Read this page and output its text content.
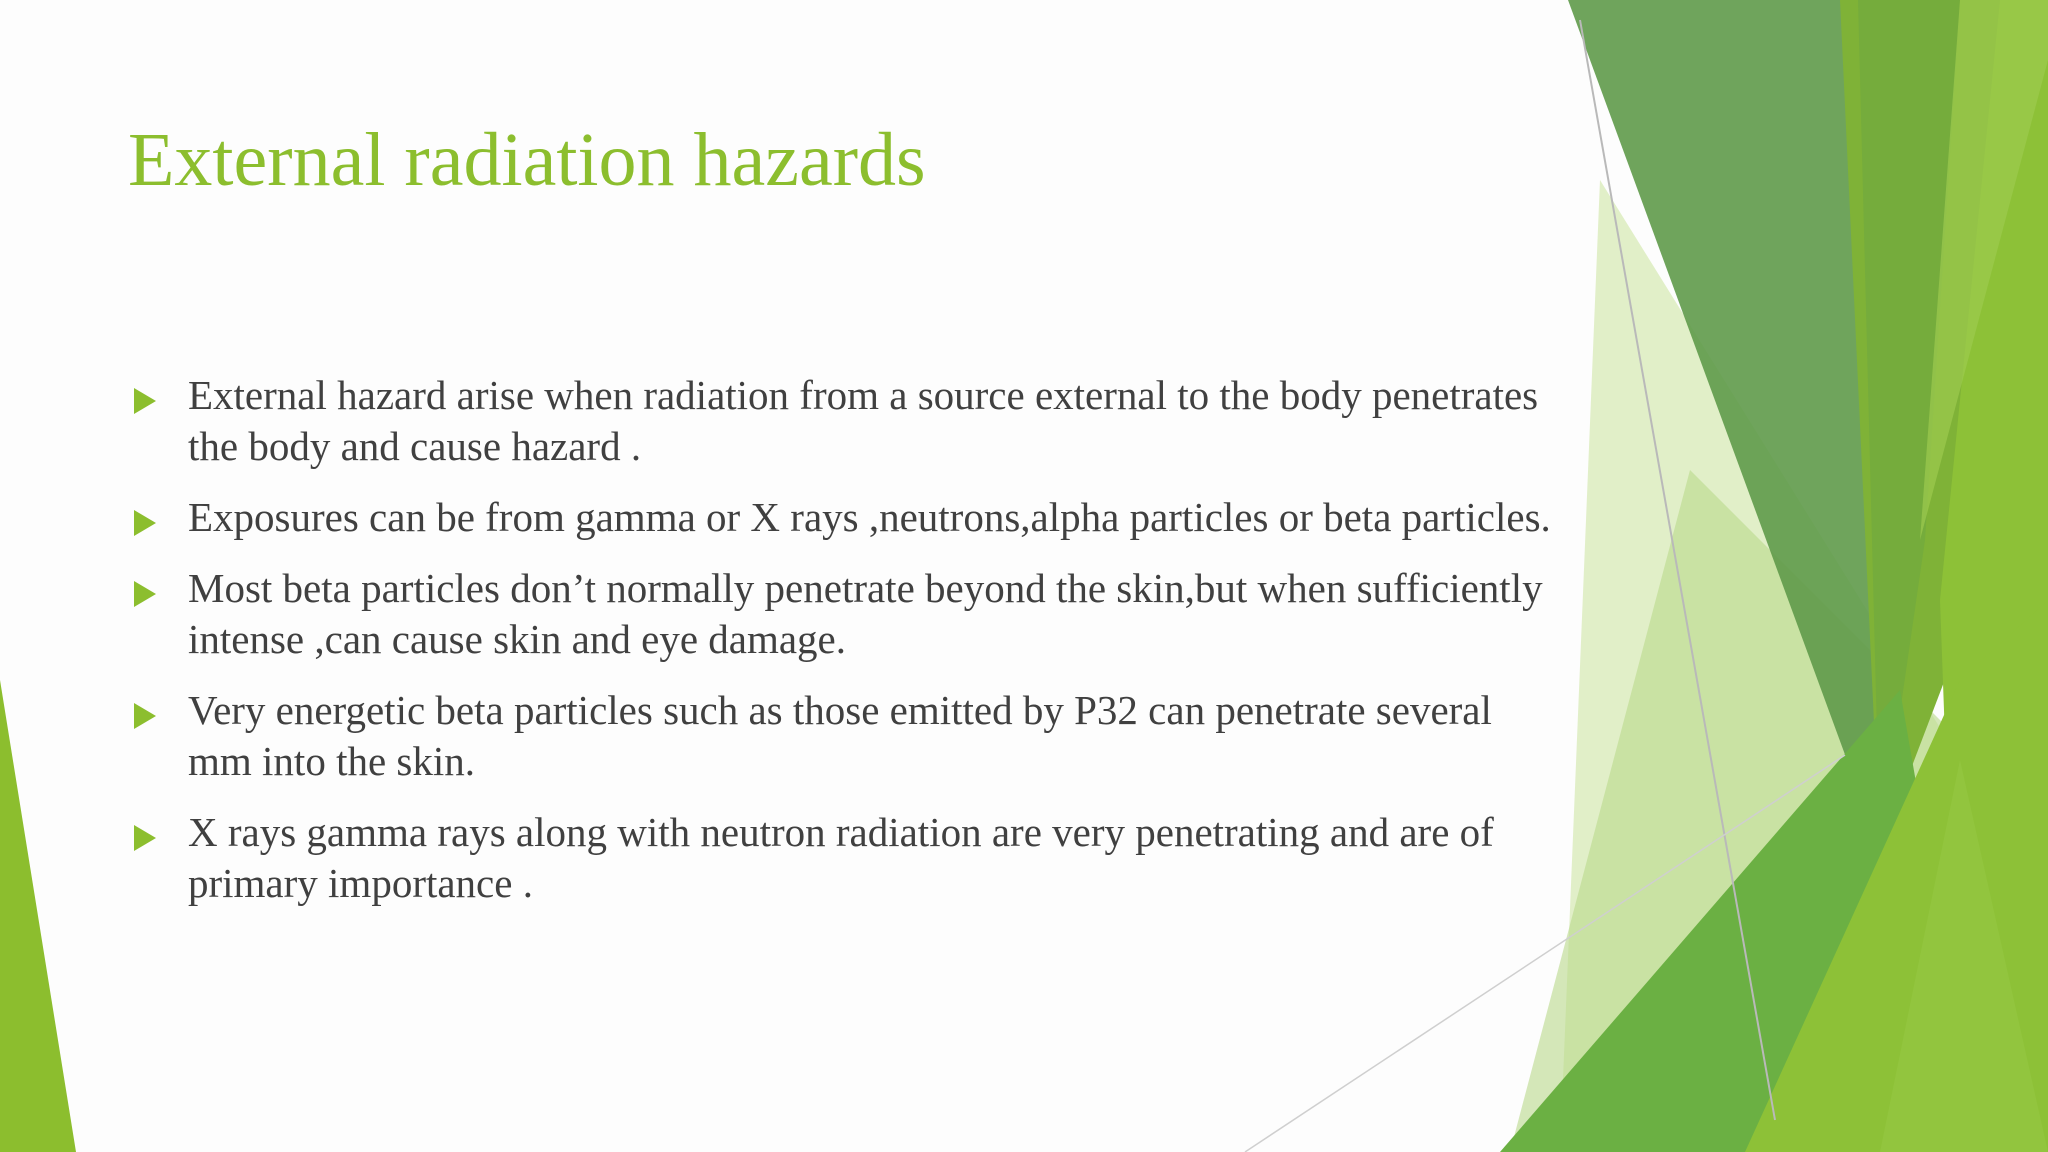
External radiation hazards
External hazard arise when radiation from a source external to the body penetrates the body and cause hazard .
Exposures can be from gamma or X rays ,neutrons,alpha particles or beta particles.
Most beta particles don’t normally penetrate beyond the skin,but when sufficiently intense ,can cause skin and eye damage.
Very energetic beta particles such as those emitted by P32 can penetrate several mm into the skin.
X rays gamma rays along with neutron radiation are very penetrating and are of primary importance .
